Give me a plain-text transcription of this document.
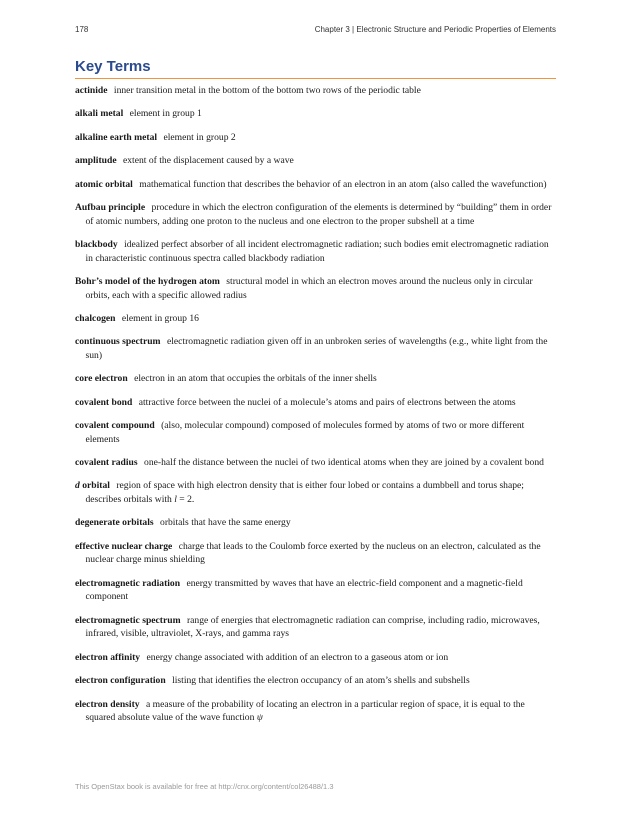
178	Chapter 3 | Electronic Structure and Periodic Properties of Elements
Key Terms
actinide inner transition metal in the bottom of the bottom two rows of the periodic table
alkali metal element in group 1
alkaline earth metal element in group 2
amplitude extent of the displacement caused by a wave
atomic orbital mathematical function that describes the behavior of an electron in an atom (also called the wavefunction)
Aufbau principle procedure in which the electron configuration of the elements is determined by “building” them in order of atomic numbers, adding one proton to the nucleus and one electron to the proper subshell at a time
blackbody idealized perfect absorber of all incident electromagnetic radiation; such bodies emit electromagnetic radiation in characteristic continuous spectra called blackbody radiation
Bohr’s model of the hydrogen atom structural model in which an electron moves around the nucleus only in circular orbits, each with a specific allowed radius
chalcogen element in group 16
continuous spectrum electromagnetic radiation given off in an unbroken series of wavelengths (e.g., white light from the sun)
core electron electron in an atom that occupies the orbitals of the inner shells
covalent bond attractive force between the nuclei of a molecule’s atoms and pairs of electrons between the atoms
covalent compound (also, molecular compound) composed of molecules formed by atoms of two or more different elements
covalent radius one-half the distance between the nuclei of two identical atoms when they are joined by a covalent bond
d orbital region of space with high electron density that is either four lobed or contains a dumbbell and torus shape; describes orbitals with l = 2.
degenerate orbitals orbitals that have the same energy
effective nuclear charge charge that leads to the Coulomb force exerted by the nucleus on an electron, calculated as the nuclear charge minus shielding
electromagnetic radiation energy transmitted by waves that have an electric-field component and a magnetic-field component
electromagnetic spectrum range of energies that electromagnetic radiation can comprise, including radio, microwaves, infrared, visible, ultraviolet, X-rays, and gamma rays
electron affinity energy change associated with addition of an electron to a gaseous atom or ion
electron configuration listing that identifies the electron occupancy of an atom’s shells and subshells
electron density a measure of the probability of locating an electron in a particular region of space, it is equal to the squared absolute value of the wave function ψ
This OpenStax book is available for free at http://cnx.org/content/col26488/1.3
